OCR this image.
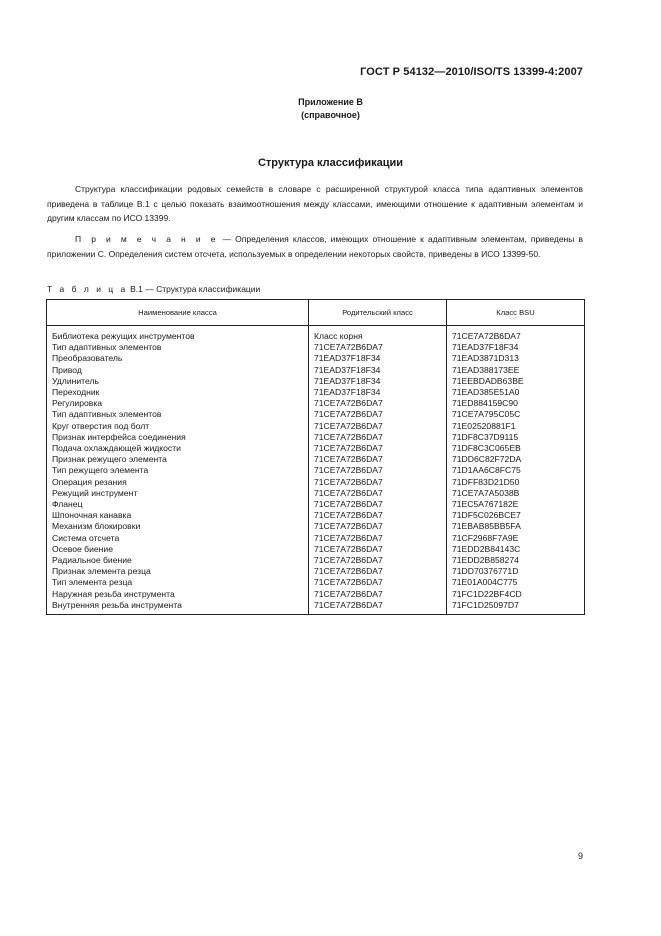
ГОСТ Р 54132—2010/ISO/TS 13399-4:2007
Приложение В
(справочное)
Структура классификации
Структура классификации родовых семейств в словаре с расширенной структурой класса типа адаптивных элементов приведена в таблице В.1 с целью показать взаимоотношения между классами, имеющими отношение к адаптивным элементам и другим классам по ИСО 13399.
П р и м е ч а н и е — Определения классов, имеющих отношение к адаптивным элементам, приведены в приложении С. Определения систем отсчета, используемых в определении некоторых свойств, приведены в ИСО 13399-50.
Т а б л и ц а В.1 — Структура классификации
Наименование класса	Родительский класс	Класс BSU

Библиотека режущих инструментов	Класс корня	71CE7A72B6DA7
Тип адаптивных элементов	71CE7A72B6DA7	71EAD37F18F34
Преобразователь	71EAD37F18F34	71EAD3871D313
Привод	71EAD37F18F34	71EAD388173EE
Удлинитель	71EAD37F18F34	71EEBDADB63BE
Переходник	71EAD37F18F34	71EAD385E51A0
Регулировка	71CE7A72B6DA7	71ED884159C90
Тип адаптивных элементов	71CE7A72B6DA7	71CE7A795C05C
Круг отверстия под болт	71CE7A72B6DA7	71E02520881F1
Признак интерфейса соединения	71CE7A72B6DA7	71DF8C37D9115
Подача охлаждающей жидкости	71CE7A72B6DA7	71DF8C3C065EB
Признак режущего элемента	71CE7A72B6DA7	71DD6C82F72DA
Тип режущего элемента	71CE7A72B6DA7	71D1AA6C8FC75
Операция резания	71CE7A72B6DA7	71DFF83D21D50
Режущий инструмент	71CE7A72B6DA7	71CE7A7A5038B
Фланец	71CE7A72B6DA7	71EC5A767182E
Шпоночная канавка	71CE7A72B6DA7	71DF5C026BCE7
Механизм блокировки	71CE7A72B6DA7	71EBAB85BB5FA
Система отсчета	71CE7A72B6DA7	71CF2968F7A9E
Осевое биение	71CE7A72B6DA7	71EDD2B84143C
Радиальное биение	71CE7A72B6DA7	71EDD2B858274
Признак элемента резца	71CE7A72B6DA7	71DD70376771D
Тип элемента резца	71CE7A72B6DA7	71E01A004C775
Наружная резьба инструмента	71CE7A72B6DA7	71FC1D22BF4CD
Внутренняя резьба инструмента	71CE7A72B6DA7	71FC1D25097D7
9
